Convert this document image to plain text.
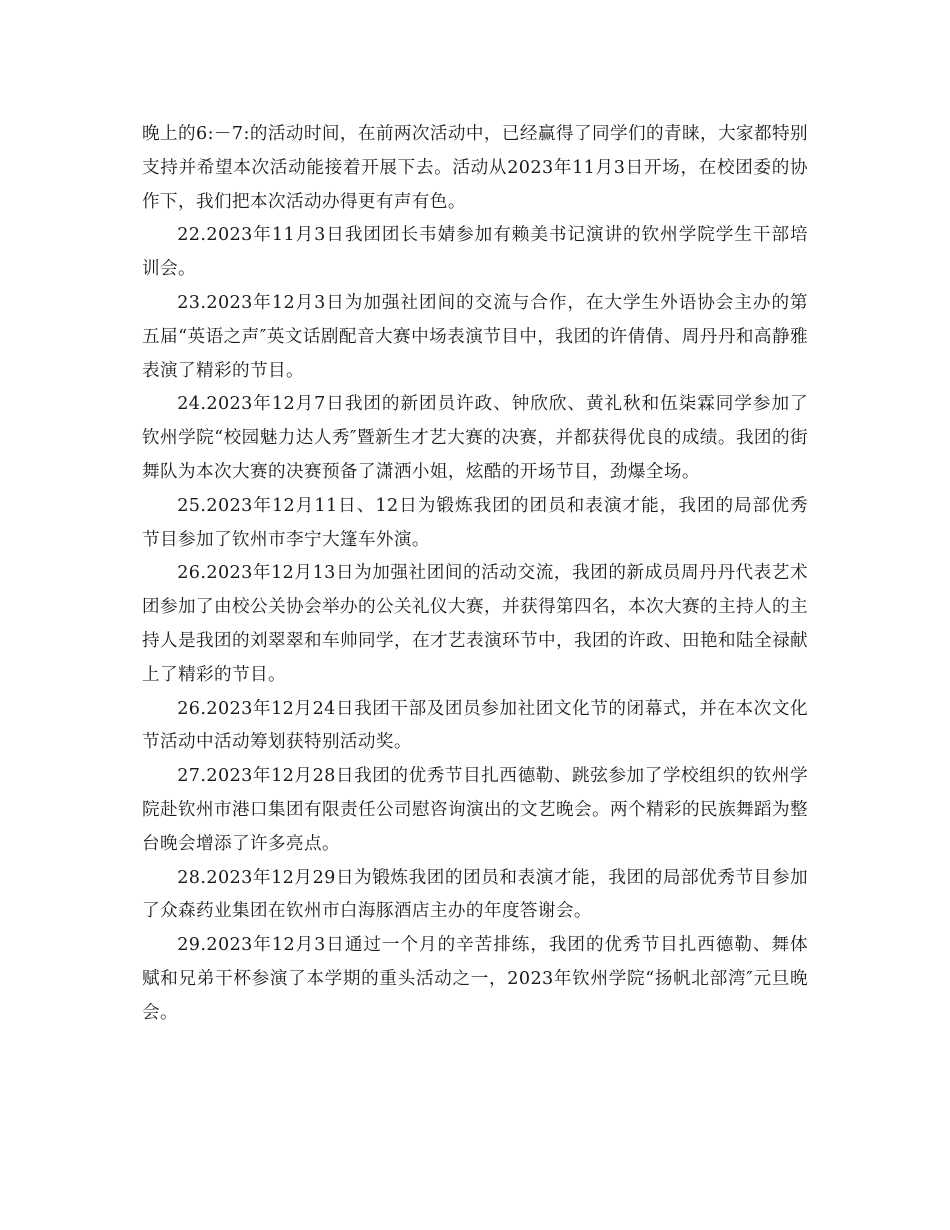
晚上的6:－7:的活动时间，在前两次活动中，已经赢得了同学们的青睐，大家都特别支持并希望本次活动能接着开展下去。活动从2023年11月3日开场，在校团委的协作下，我们把本次活动办得更有声有色。

22.2023年11月3日我团团长韦婧参加有赖美书记演讲的钦州学院学生干部培训会。

23.2023年12月3日为加强社团间的交流与合作，在大学生外语协会主办的第五届“英语之声″英文话剧配音大赛中场表演节目中，我团的许倩倩、周丹丹和高静雅表演了精彩的节目。

24.2023年12月7日我团的新团员许政、钟欣欣、黄礼秋和伍柒霖同学参加了钦州学院“校园魅力达人秀″暨新生才艺大赛的决赛，并都获得优良的成绩。我团的街舞队为本次大赛的决赛预备了潇洒小姐，炫酷的开场节目，劲爆全场。

25.2023年12月11日、12日为锻炼我团的团员和表演才能，我团的局部优秀节目参加了钦州市李宁大篷车外演。

26.2023年12月13日为加强社团间的活动交流，我团的新成员周丹丹代表艺术团参加了由校公关协会举办的公关礼仪大赛，并获得第四名，本次大赛的主持人的主持人是我团的刘翠翠和车帅同学，在才艺表演环节中，我团的许政、田艳和陆全禄献上了精彩的节目。

26.2023年12月24日我团干部及团员参加社团文化节的闭幕式，并在本次文化节活动中活动筹划获特别活动奖。

27.2023年12月28日我团的优秀节目扎西德勒、跳弦参加了学校组织的钦州学院赴钦州市港口集团有限责任公司慰咨询演出的文艺晚会。两个精彩的民族舞蹈为整台晚会增添了许多亮点。

28.2023年12月29日为锻炼我团的团员和表演才能，我团的局部优秀节目参加了众森药业集团在钦州市白海豚酒店主办的年度答谢会。

29.2023年12月3日通过一个月的辛苦排练，我团的优秀节目扎西德勒、舞体赋和兄弟干杯参演了本学期的重头活动之一，2023年钦州学院“扬帆北部湾″元旦晚会。
